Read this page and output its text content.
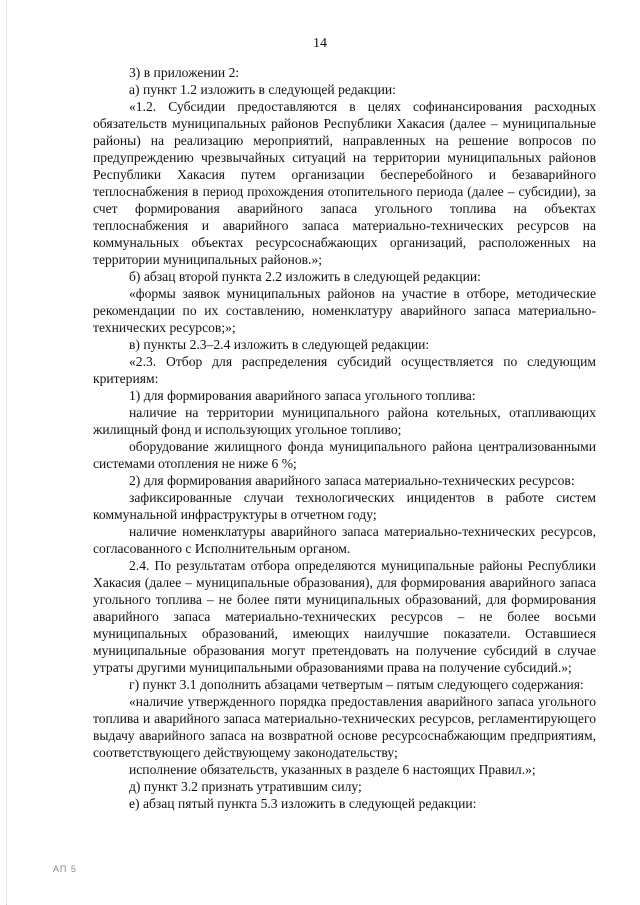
14

3) в приложении 2:

а) пункт 1.2 изложить в следующей редакции:

«1.2. Субсидии предоставляются в целях софинансирования расходных обязательств муниципальных районов Республики Хакасия (далее – муниципальные районы) на реализацию мероприятий, направленных на решение вопросов по предупреждению чрезвычайных ситуаций на территории муниципальных районов Республики Хакасия путем организации бесперебойного и безаварийного теплоснабжения в период прохождения отопительного периода (далее – субсидии), за счет формирования аварийного запаса угольного топлива на объектах теплоснабжения и аварийного запаса материально-технических ресурсов на коммунальных объектах ресурсоснабжающих организаций, расположенных на территории муниципальных районов.»;

б) абзац второй пункта 2.2 изложить в следующей редакции:

«формы заявок муниципальных районов на участие в отборе, методические рекомендации по их составлению, номенклатуру аварийного запаса материально-технических ресурсов;»;

в) пункты 2.3–2.4 изложить в следующей редакции:

«2.3. Отбор для распределения субсидий осуществляется по следующим критериям:

1) для формирования аварийного запаса угольного топлива:

наличие на территории муниципального района котельных, отапливающих жилищный фонд и использующих угольное топливо;

оборудование жилищного фонда муниципального района централизованными системами отопления не ниже 6 %;

2) для формирования аварийного запаса материально-технических ресурсов:

зафиксированные случаи технологических инцидентов в работе систем коммунальной инфраструктуры в отчетном году;

наличие номенклатуры аварийного запаса материально-технических ресурсов, согласованного с Исполнительным органом.

2.4. По результатам отбора определяются муниципальные районы Республики Хакасия (далее – муниципальные образования), для формирования аварийного запаса угольного топлива – не более пяти муниципальных образований, для формирования аварийного запаса материально-технических ресурсов – не более восьми муниципальных образований, имеющих наилучшие показатели. Оставшиеся муниципальные образования могут претендовать на получение субсидий в случае утраты другими муниципальными образованиями права на получение субсидий.»;

г) пункт 3.1 дополнить абзацами четвертым – пятым следующего содержания:

«наличие утвержденного порядка предоставления аварийного запаса угольного топлива и аварийного запаса материально-технических ресурсов, регламентирующего выдачу аварийного запаса на возвратной основе ресурсоснабжающим предприятиям, соответствующего действующему законодательству;

исполнение обязательств, указанных в разделе 6 настоящих Правил.»;

д) пункт 3.2 признать утратившим силу;

е) абзац пятый пункта 5.3 изложить в следующей редакции:

АП 5
